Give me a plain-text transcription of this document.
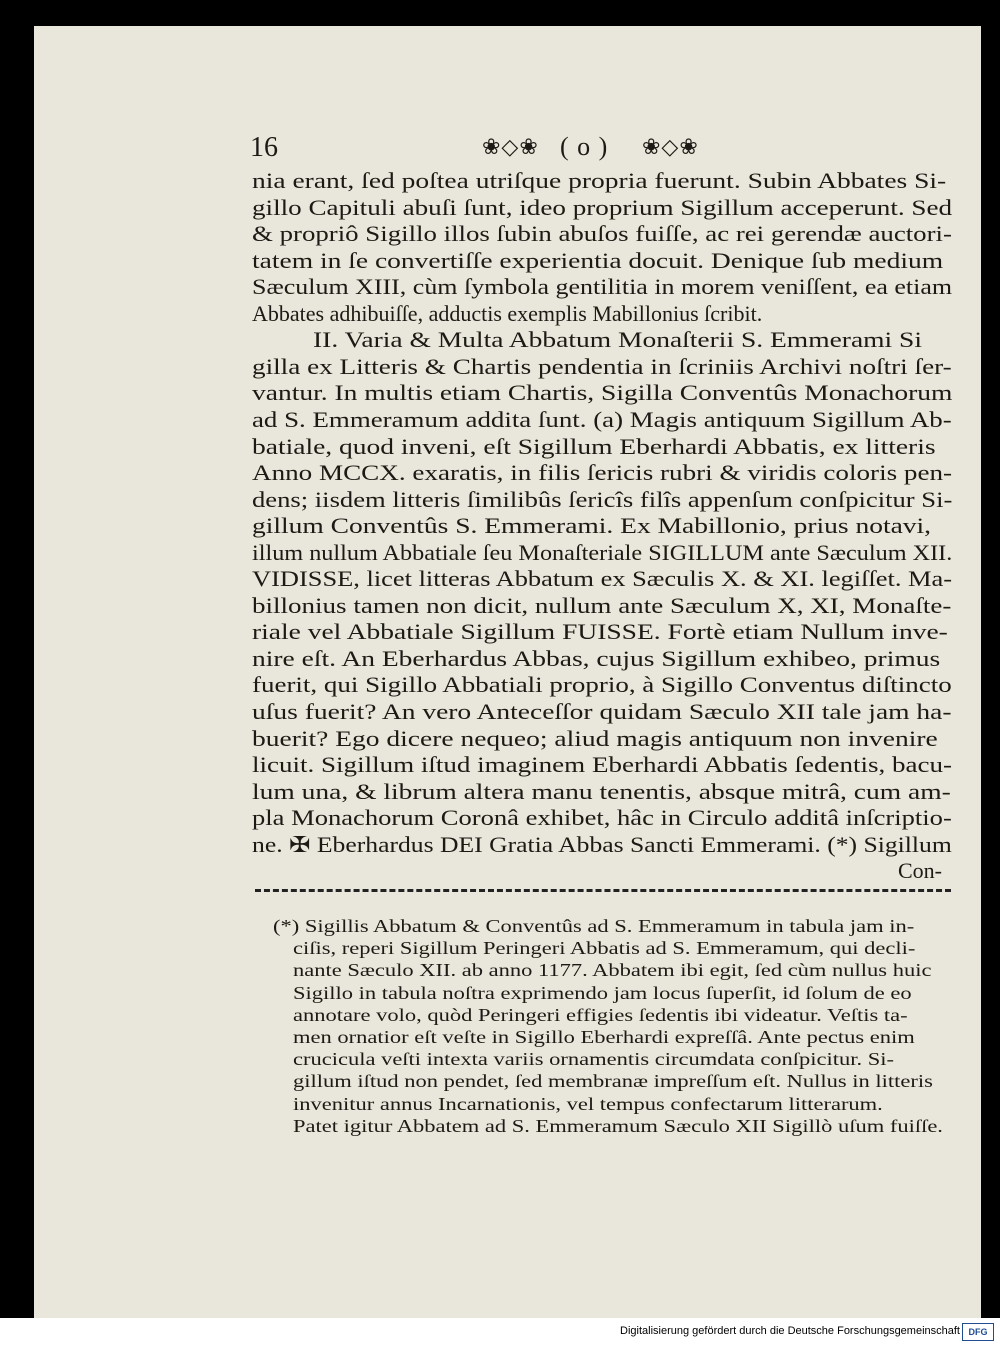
16	❀◇❀ ( o ) ❀◇❀
nia erant, ſed poſtea utriſque propria fuerunt. Subin Abbates Si-
gillo Capituli abuſi ſunt, ideo proprium Sigillum acceperunt. Sed
& propriô Sigillo illos ſubin abuſos fuiſſe, ac rei gerendæ auctori-
tatem in ſe convertiſſe experientia docuit. Denique ſub medium
Sæculum XIII, cùm ſymbola gentilitia in morem veniſſent, ea etiam
Abbates adhibuiſſe, adductis exemplis Mabillonius ſcribit.
II. Varia & Multa Abbatum Monaſterii S. Emmerami Si
gilla ex Litteris & Chartis pendentia in ſcriniis Archivi noſtri ſer-
vantur. In multis etiam Chartis, Sigilla Conventûs Monachorum
ad S. Emmeramum addita ſunt. (a) Magis antiquum Sigillum Ab-
batiale, quod inveni, eſt Sigillum Eberhardi Abbatis, ex litteris
Anno MCCX. exaratis, in filis ſericis rubri & viridis coloris pen-
dens; iisdem litteris ſimilibûs ſericîs filîs appenſum conſpicitur Si-
gillum Conventûs S. Emmerami. Ex Mabillonio, prius notavi,
illum nullum Abbatiale ſeu Monaſteriale SIGILLUM ante Sæculum XII.
VIDISSE, licet litteras Abbatum ex Sæculis X. & XI. legiſſet. Ma-
billonius tamen non dicit, nullum ante Sæculum X, XI, Monaſte-
riale vel Abbatiale Sigillum FUISSE. Fortè etiam Nullum inve-
nire eſt. An Eberhardus Abbas, cujus Sigillum exhibeo, primus
fuerit, qui Sigillo Abbatiali proprio, à Sigillo Conventus diſtincto
uſus fuerit? An vero Anteceſſor quidam Sæculo XII tale jam ha-
buerit? Ego dicere nequeo; aliud magis antiquum non invenire
licuit. Sigillum iſtud imaginem Eberhardi Abbatis ſedentis, bacu-
lum una, & librum altera manu tenentis, absque mitrâ, cum am-
pla Monachorum Coronâ exhibet, hâc in Circulo additâ inſcriptio-
ne. ✠ Eberhardus DEI Gratia Abbas Sancti Emmerami. (*) Sigillum
Con-
(*) Sigillis Abbatum & Conventûs ad S. Emmeramum in tabula jam in-
ciſis, reperi Sigillum Peringeri Abbatis ad S. Emmeramum, qui decli-
nante Sæculo XII. ab anno 1177. Abbatem ibi egit, ſed cùm nullus huic
Sigillo in tabula noſtra exprimendo jam locus ſuperſit, id ſolum de eo
annotare volo, quòd Peringeri effigies ſedentis ibi videatur. Veſtis ta-
men ornatior eſt veſte in Sigillo Eberhardi expreſſâ. Ante pectus enim
crucicula veſti intexta variis ornamentis circumdata conſpicitur. Si-
gillum iſtud non pendet, ſed membranæ impreſſum eſt. Nullus in litteris
invenitur annus Incarnationis, vel tempus confectarum litterarum.
Patet igitur Abbatem ad S. Emmeramum Sæculo XII Sigillò uſum fuiſſe.
Digitalisierung gefördert durch die Deutsche Forschungsgemeinschaft DFG
